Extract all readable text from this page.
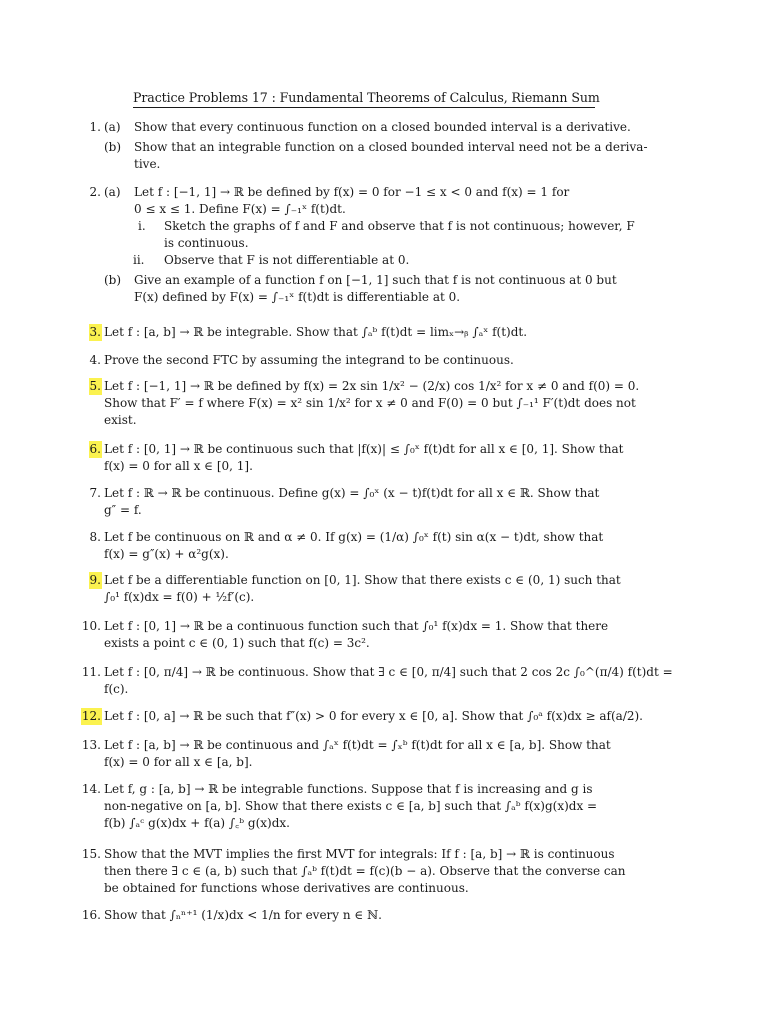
Practice Problems 17 : Fundamental Theorems of Calculus, Riemann Sum
1. (a) Show that every continuous function on a closed bounded interval is a derivative.
(b) Show that an integrable function on a closed bounded interval need not be a deriva-
tive.
2. (a) Let f : [−1, 1] → ℝ be defined by f(x) = 0 for −1 ≤ x < 0 and f(x) = 1 for
0 ≤ x ≤ 1. Define F(x) = ∫₋₁ˣ f(t)dt.
i. Sketch the graphs of f and F and observe that f is not continuous; however, F
is continuous.
ii. Observe that F is not differentiable at 0.
(b) Give an example of a function f on [−1, 1] such that f is not continuous at 0 but
F(x) defined by F(x) = ∫₋₁ˣ f(t)dt is differentiable at 0.
3. Let f : [a, b] → ℝ be integrable. Show that ∫ₐᵇ f(t)dt = limₓ→ᵦ ∫ₐˣ f(t)dt.
4. Prove the second FTC by assuming the integrand to be continuous.
5. Let f : [−1, 1] → ℝ be defined by f(x) = 2x sin 1/x² − (2/x) cos 1/x² for x ≠ 0 and f(0) = 0.
Show that F′ = f where F(x) = x² sin 1/x² for x ≠ 0 and F(0) = 0 but ∫₋₁¹ F′(t)dt does not
exist.
6. Let f : [0, 1] → ℝ be continuous such that |f(x)| ≤ ∫₀ˣ f(t)dt for all x ∈ [0, 1]. Show that
f(x) = 0 for all x ∈ [0, 1].
7. Let f : ℝ → ℝ be continuous. Define g(x) = ∫₀ˣ (x − t)f(t)dt for all x ∈ ℝ. Show that
g″ = f.
8. Let f be continuous on ℝ and α ≠ 0. If g(x) = (1/α) ∫₀ˣ f(t) sin α(x − t)dt, show that
f(x) = g″(x) + α²g(x).
9. Let f be a differentiable function on [0, 1]. Show that there exists c ∈ (0, 1) such that
∫₀¹ f(x)dx = f(0) + ½f′(c).
10. Let f : [0, 1] → ℝ be a continuous function such that ∫₀¹ f(x)dx = 1. Show that there
exists a point c ∈ (0, 1) such that f(c) = 3c².
11. Let f : [0, π/4] → ℝ be continuous. Show that ∃ c ∈ [0, π/4] such that 2 cos 2c ∫₀^(π/4) f(t)dt =
f(c).
12. Let f : [0, a] → ℝ be such that f″(x) > 0 for every x ∈ [0, a]. Show that ∫₀ᵃ f(x)dx ≥ af(a/2).
13. Let f : [a, b] → ℝ be continuous and ∫ₐˣ f(t)dt = ∫ₓᵇ f(t)dt for all x ∈ [a, b]. Show that
f(x) = 0 for all x ∈ [a, b].
14. Let f, g : [a, b] → ℝ be integrable functions. Suppose that f is increasing and g is
non-negative on [a, b]. Show that there exists c ∈ [a, b] such that ∫ₐᵇ f(x)g(x)dx =
f(b) ∫ₐᶜ g(x)dx + f(a) ∫꜀ᵇ g(x)dx.
15. Show that the MVT implies the first MVT for integrals: If f : [a, b] → ℝ is continuous
then there ∃ c ∈ (a, b) such that ∫ₐᵇ f(t)dt = f(c)(b − a). Observe that the converse can
be obtained for functions whose derivatives are continuous.
16. Show that ∫ₙⁿ⁺¹ (1/x)dx < 1/n for every n ∈ ℕ.
